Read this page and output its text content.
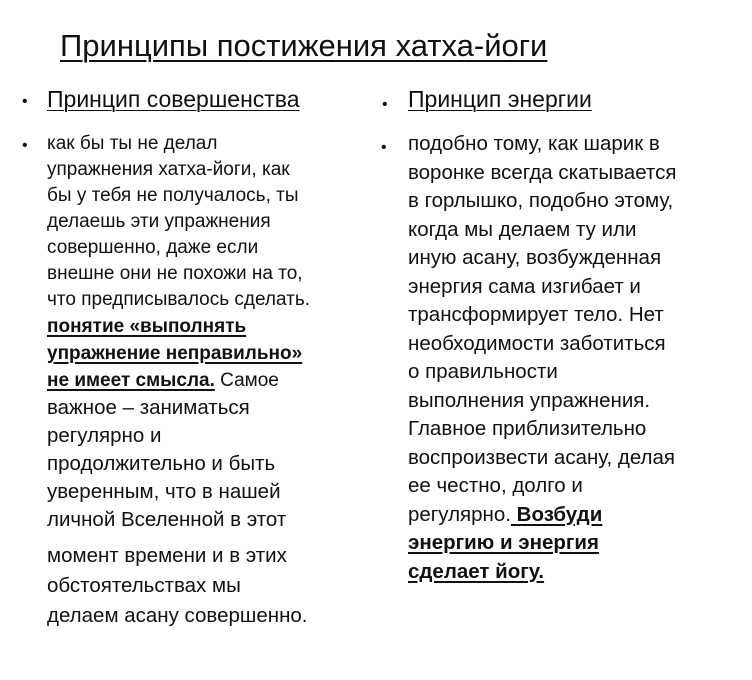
Принципы постижения хатха-йоги
• Принцип совершенства
• как бы ты не делал
упражнения хатха-йоги, как
бы у тебя не получалось, ты
делаешь эти упражнения
совершенно, даже если
внешне они не похожи на то,
что предписывалось сделать.
понятие «выполнять
упражнение неправильно»
не имеет смысла. Самое
важное – заниматься
регулярно и
продолжительно и быть
уверенным, что в нашей
личной Вселенной в этот
момент времени и в этих
обстоятельствах мы
делаем асану совершенно.
• Принцип энергии
• подобно тому, как шарик в
воронке всегда скатывается
в горлышко, подобно этому,
когда мы делаем ту или
иную асану, возбужденная
энергия сама изгибает и
трансформирует тело. Нет
необходимости заботиться
о правильности
выполнения упражнения.
Главное приблизительно
воспроизвести асану, делая
ее честно, долго и
регулярно. Возбуди
энергию и энергия
сделает йогу.
